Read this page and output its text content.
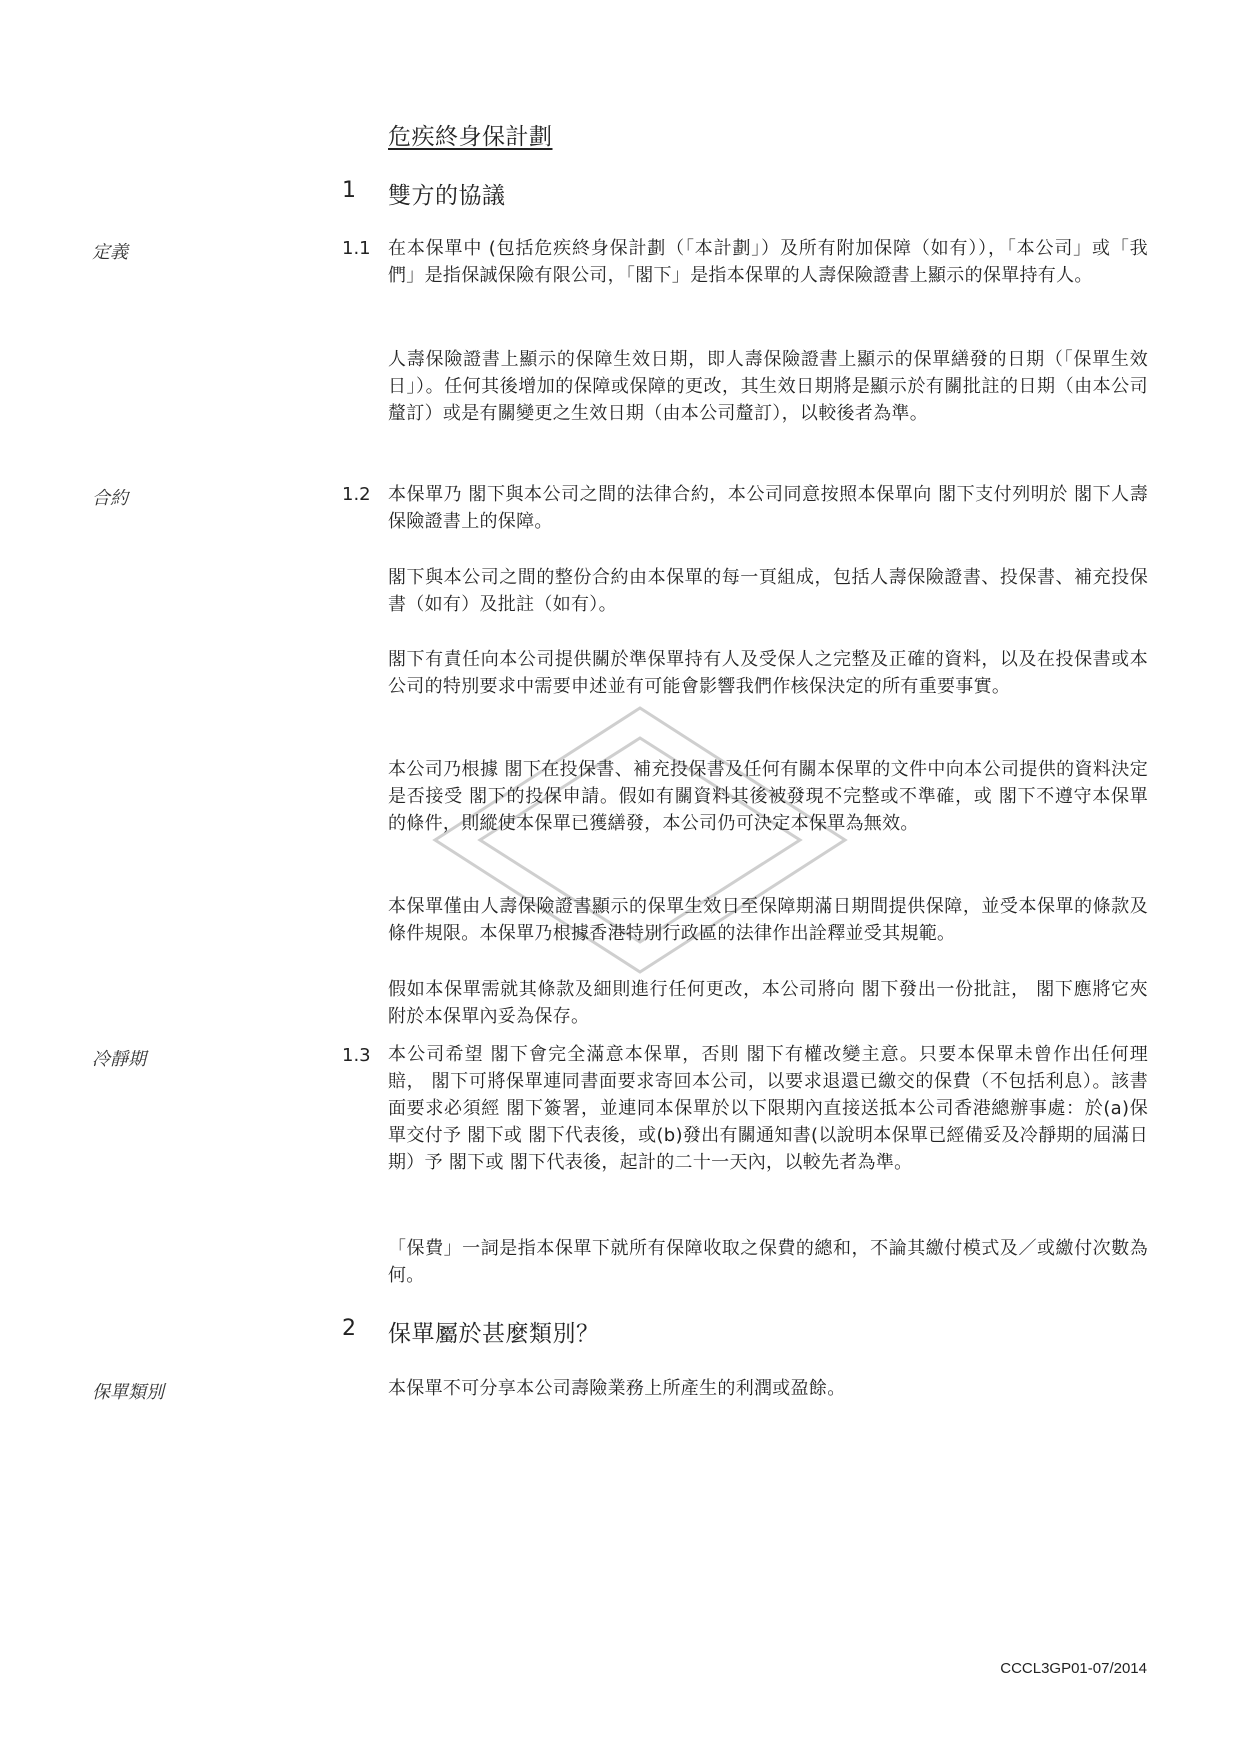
危疾終身保計劃
1 雙方的協議
定義	1.1 在本保單中 (包括危疾終身保計劃（「本計劃」）及所有附加保障（如有）），「本公司」或「我們」是指保誠保險有限公司，「閣下」是指本保單的人壽保險證書上顯示的保單持有人。
人壽保險證書上顯示的保障生效日期，即人壽保險證書上顯示的保單繕發的日期（「保單生效日」）。任何其後增加的保障或保障的更改，其生效日期將是顯示於有關批註的日期（由本公司釐訂）或是有關變更之生效日期（由本公司釐訂），以較後者為準。
合約	1.2 本保單乃 閣下與本公司之間的法律合約，本公司同意按照本保單向 閣下支付列明於 閣下人壽保險證書上的保障。
閣下與本公司之間的整份合約由本保單的每一頁組成，包括人壽保險證書、投保書、補充投保書（如有）及批註（如有）。
閣下有責任向本公司提供關於準保單持有人及受保人之完整及正確的資料，以及在投保書或本公司的特別要求中需要申述並有可能會影響我們作核保決定的所有重要事實。
本公司乃根據 閣下在投保書、補充投保書及任何有關本保單的文件中向本公司提供的資料決定是否接受 閣下的投保申請。假如有關資料其後被發現不完整或不準確，或 閣下不遵守本保單的條件，則縱使本保單已獲繕發，本公司仍可決定本保單為無效。
本保單僅由人壽保險證書顯示的保單生效日至保障期滿日期間提供保障，並受本保單的條款及條件規限。本保單乃根據香港特別行政區的法律作出詮釋並受其規範。
假如本保單需就其條款及細則進行任何更改，本公司將向 閣下發出一份批註， 閣下應將它夾附於本保單內妥為保存。
冷靜期	1.3 本公司希望 閣下會完全滿意本保單，否則 閣下有權改變主意。只要本保單未曾作出任何理賠， 閣下可將保單連同書面要求寄回本公司，以要求退還已繳交的保費（不包括利息）。該書面要求必須經 閣下簽署，並連同本保單於以下限期內直接送抵本公司香港總辦事處：於(a)保單交付予 閣下或 閣下代表後，或(b)發出有關通知書(以說明本保單已經備妥及冷靜期的屆滿日期）予 閣下或 閣下代表後，起計的二十一天內，以較先者為準。
「保費」一詞是指本保單下就所有保障收取之保費的總和，不論其繳付模式及／或繳付次數為何。
2 保單屬於甚麼類別？
保單類別	本保單不可分享本公司壽險業務上所產生的利潤或盈餘。
CCCL3GP01-07/2014
